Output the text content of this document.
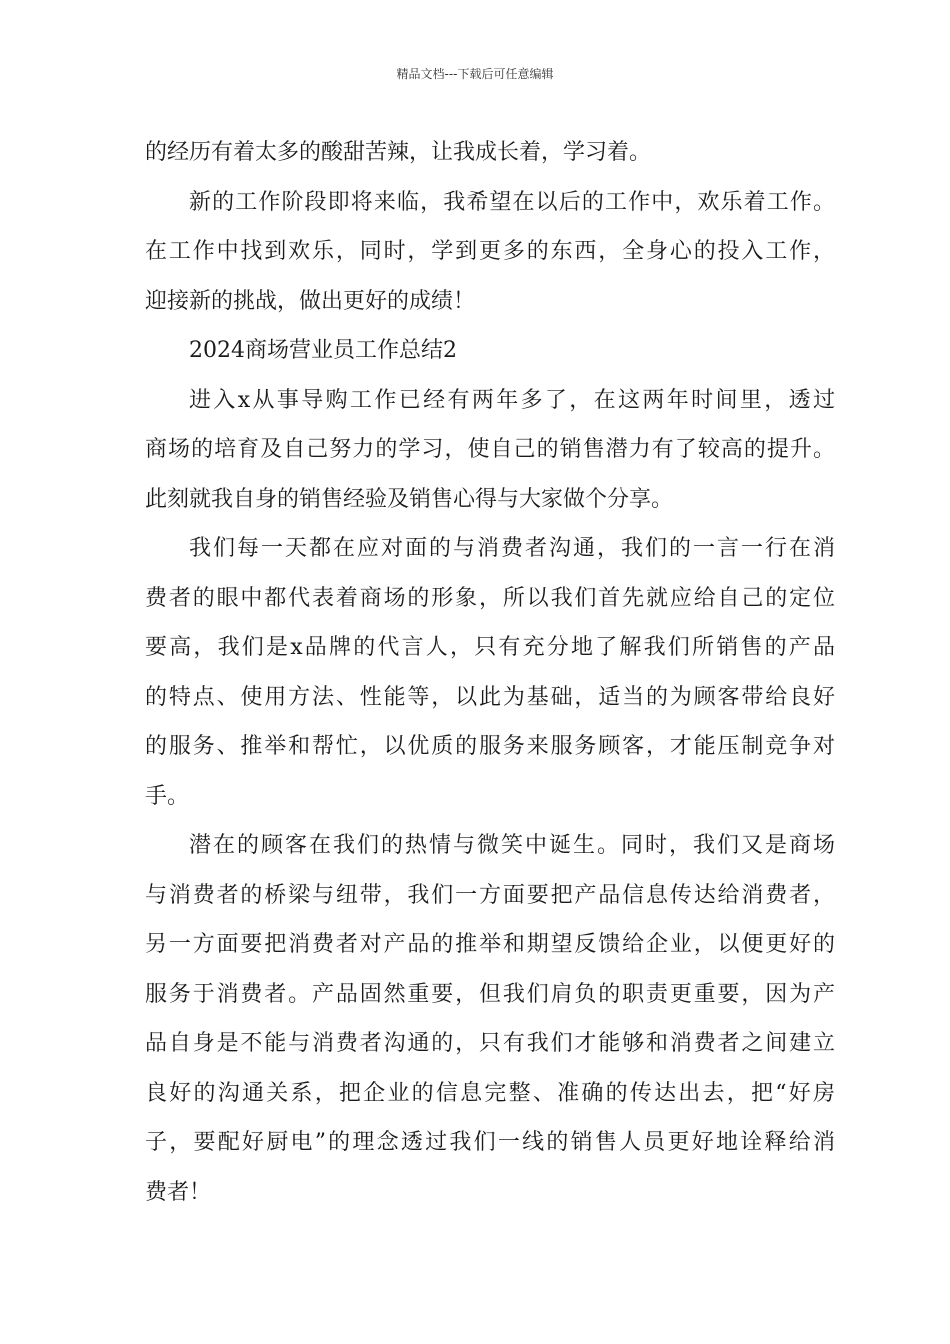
精品文档---下载后可任意编辑
的经历有着太多的酸甜苦辣，让我成长着，学习着。
新的工作阶段即将来临，我希望在以后的工作中，欢乐着工作。
在工作中找到欢乐，同时，学到更多的东西，全身心的投入工作，
迎接新的挑战，做出更好的成绩！
2024商场营业员工作总结2
进入x从事导购工作已经有两年多了，在这两年时间里，透过
商场的培育及自己努力的学习，使自己的销售潜力有了较高的提升。
此刻就我自身的销售经验及销售心得与大家做个分享。
我们每一天都在应对面的与消费者沟通，我们的一言一行在消
费者的眼中都代表着商场的形象，所以我们首先就应给自己的定位
要高，我们是x品牌的代言人，只有充分地了解我们所销售的产品
的特点、使用方法、性能等，以此为基础，适当的为顾客带给良好
的服务、推举和帮忙，以优质的服务来服务顾客，才能压制竞争对
手。
潜在的顾客在我们的热情与微笑中诞生。同时，我们又是商场
与消费者的桥梁与纽带，我们一方面要把产品信息传达给消费者，
另一方面要把消费者对产品的推举和期望反馈给企业，以便更好的
服务于消费者。产品固然重要，但我们肩负的职责更重要，因为产
品自身是不能与消费者沟通的，只有我们才能够和消费者之间建立
良好的沟通关系，把企业的信息完整、准确的传达出去，把“好房
子，要配好厨电”的理念透过我们一线的销售人员更好地诠释给消
费者！
